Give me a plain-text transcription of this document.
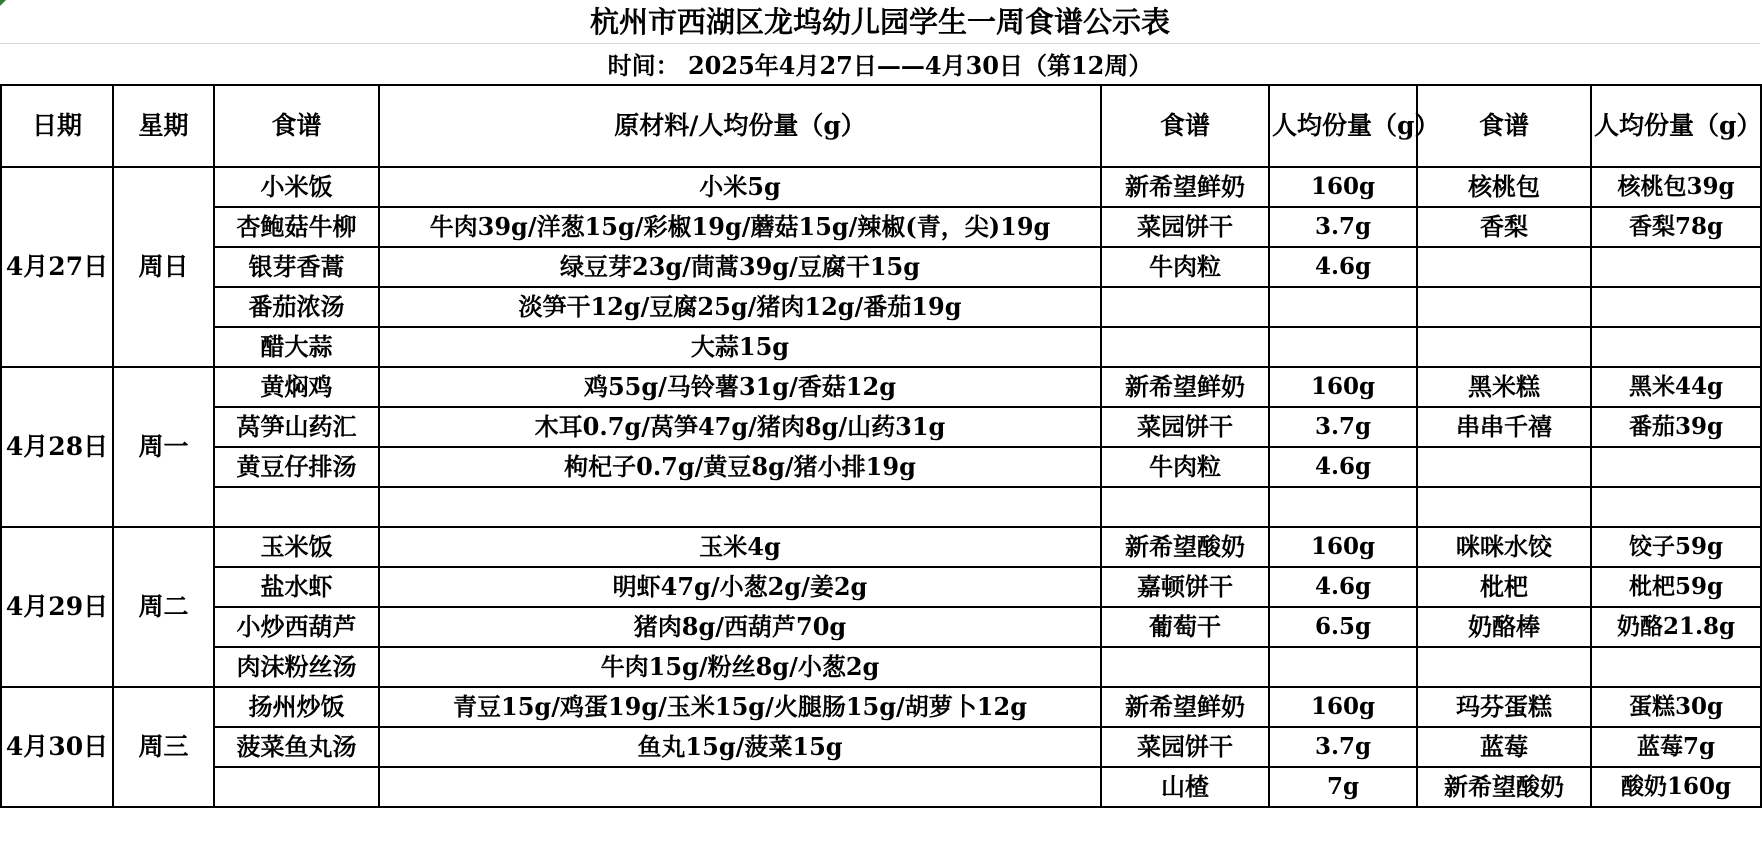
杭州市西湖区龙坞幼儿园学生一周食谱公示表
时间： 2025年4月27日——4月30日（第12周）
日期	星期	食谱	原材料/人均份量（g）	食谱	人均份量（g）	食谱	人均份量（g）
4月27日	周日	小米饭	小米5g	新希望鲜奶	160g	核桃包	核桃包39g
		杏鲍菇牛柳	牛肉39g/洋葱15g/彩椒19g/蘑菇15g/辣椒(青，尖)19g	菜园饼干	3.7g	香梨	香梨78g
		银芽香蒿	绿豆芽23g/茼蒿39g/豆腐干15g	牛肉粒	4.6g		
		番茄浓汤	淡笋干12g/豆腐25g/猪肉12g/番茄19g				
		醋大蒜	大蒜15g				
4月28日	周一	黄焖鸡	鸡55g/马铃薯31g/香菇12g	新希望鲜奶	160g	黑米糕	黑米44g
		莴笋山药汇	木耳0.7g/莴笋47g/猪肉8g/山药31g	菜园饼干	3.7g	串串千禧	番茄39g
		黄豆仔排汤	枸杞子0.7g/黄豆8g/猪小排19g	牛肉粒	4.6g		

4月29日	周二	玉米饭	玉米4g	新希望酸奶	160g	咪咪水饺	饺子59g
		盐水虾	明虾47g/小葱2g/姜2g	嘉顿饼干	4.6g	枇杷	枇杷59g
		小炒西葫芦	猪肉8g/西葫芦70g	葡萄干	6.5g	奶酪棒	奶酪21.8g
		肉沫粉丝汤	牛肉15g/粉丝8g/小葱2g				
4月30日	周三	扬州炒饭	青豆15g/鸡蛋19g/玉米15g/火腿肠15g/胡萝卜12g	新希望鲜奶	160g	玛芬蛋糕	蛋糕30g
		菠菜鱼丸汤	鱼丸15g/菠菜15g	菜园饼干	3.7g	蓝莓	蓝莓7g
				山楂	7g	新希望酸奶	酸奶160g
